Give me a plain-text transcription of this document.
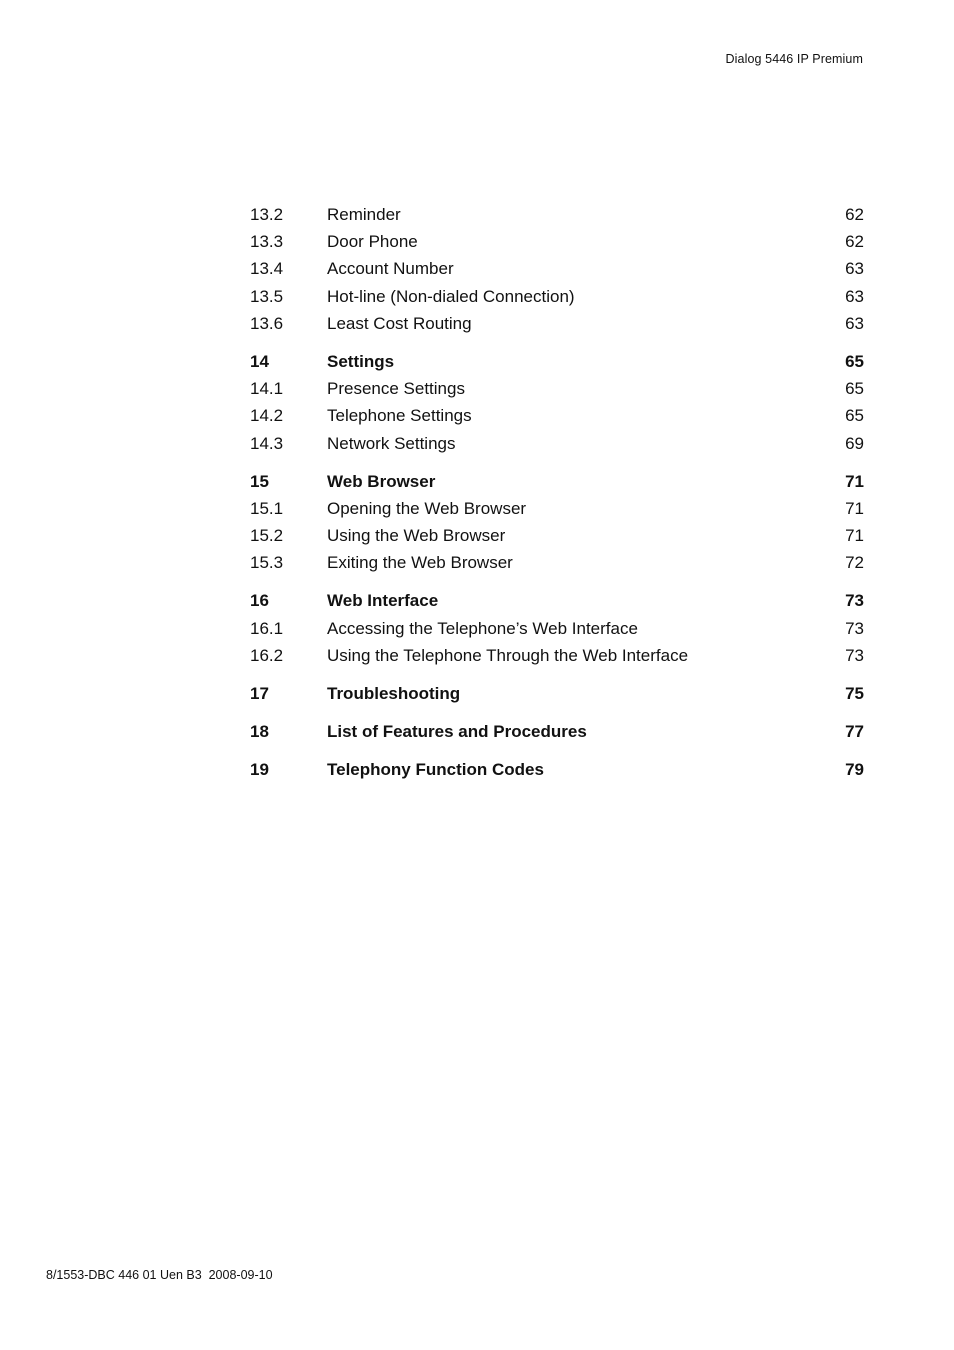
Dialog 5446 IP Premium
13.2	Reminder	62
13.3	Door Phone	62
13.4	Account Number	63
13.5	Hot-line (Non-dialed Connection)	63
13.6	Least Cost Routing	63
14	Settings	65
14.1	Presence Settings	65
14.2	Telephone Settings	65
14.3	Network Settings	69
15	Web Browser	71
15.1	Opening the Web Browser	71
15.2	Using the Web Browser	71
15.3	Exiting the Web Browser	72
16	Web Interface	73
16.1	Accessing the Telephone’s Web Interface	73
16.2	Using the Telephone Through the Web Interface	73
17	Troubleshooting	75
18	List of Features and Procedures	77
19	Telephony Function Codes	79
8/1553-DBC 446 01 Uen B3  2008-09-10
